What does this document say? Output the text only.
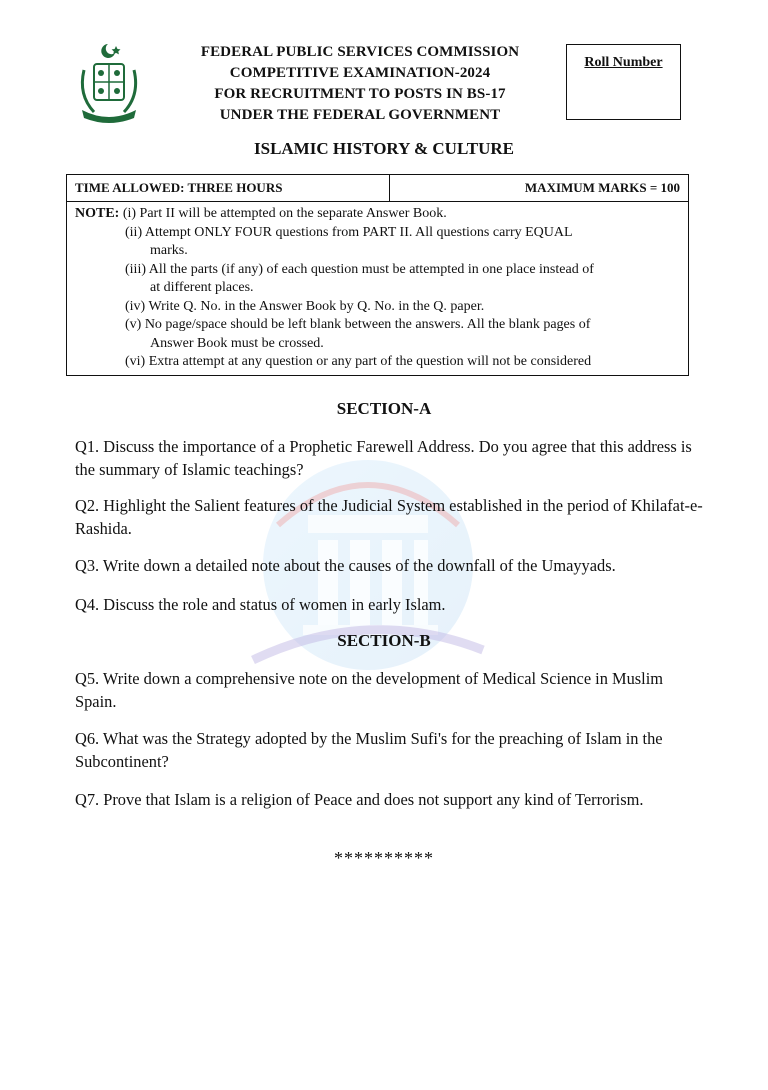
FEDERAL PUBLIC SERVICES COMMISSION
COMPETITIVE EXAMINATION-2024
FOR RECRUITMENT TO POSTS IN BS-17
UNDER THE FEDERAL GOVERNMENT
Roll Number
ISLAMIC HISTORY & CULTURE
TIME ALLOWED: THREE HOURS	MAXIMUM MARKS = 100
NOTE: (i) Part II will be attempted on the separate Answer Book.
(ii) Attempt ONLY FOUR questions from PART II. All questions carry EQUAL
marks.
(iii) All the parts (if any) of each question must be attempted in one place instead of
at different places.
(iv) Write Q. No. in the Answer Book by Q. No. in the Q. paper.
(v) No page/space should be left blank between the answers. All the blank pages of
Answer Book must be crossed.
(vi) Extra attempt at any question or any part of the question will not be considered
SECTION-A
Q1. Discuss the importance of a Prophetic Farewell Address. Do you agree that this address is the summary of Islamic teachings?
Q2. Highlight the Salient features of the Judicial System established in the period of Khilafat-e-Rashida.
Q3. Write down a detailed note about the causes of the downfall of the Umayyads.
Q4. Discuss the role and status of women in early Islam.
SECTION-B
Q5. Write down a comprehensive note on the development of Medical Science in Muslim Spain.
Q6. What was the Strategy adopted by the Muslim Sufi's for the preaching of Islam in the Subcontinent?
Q7. Prove that Islam is a religion of Peace and does not support any kind of Terrorism.
**********
